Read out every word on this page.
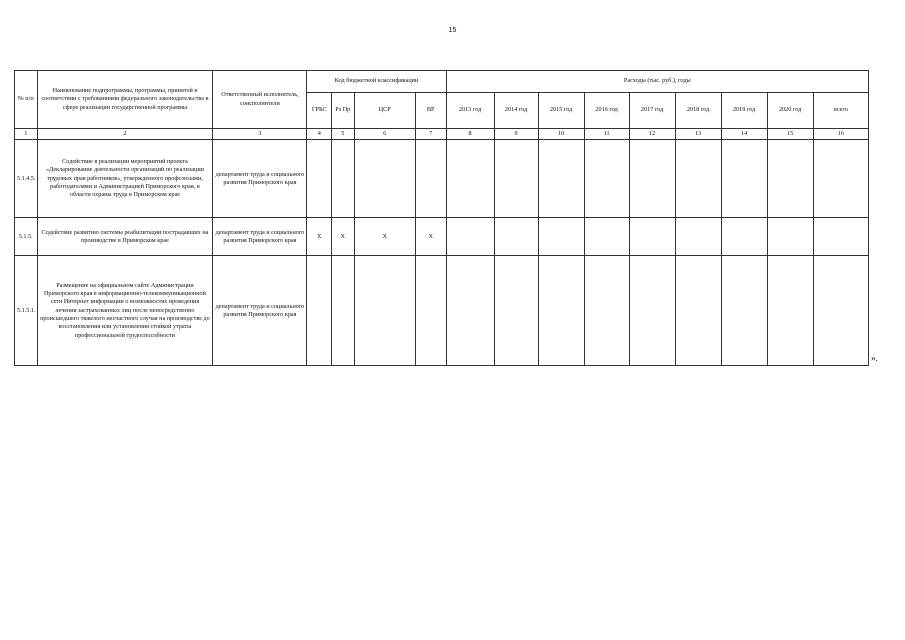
15
№ п/п	Наименование подпрограммы, программы, принятой в соответствии с требованиями федерального законодательства в сфере реализации государственной программы	Ответственный исполнитель, соисполнители	Код бюджетной классификации				Расходы (тыс. руб.), годы								
			ГРБС	Рз Пр	ЦСР	ВР	2013 год	2014 год	2015 год	2016 год	2017 год	2018 год	2019 год	2020 год	всего
1	2	3	4	5	6	7	8	9	10	11	12	13	14	15	16
5.1.4.5.	Содействие в реализации мероприятий проекта «Декларирование деятельности организаций по реализации трудовых прав работников», утвержденного профсоюзами, работодателями и Администрацией Приморского края, в области охраны труда в Приморском крае	департамент труда и социального развития Приморского края													
5.1.5.	Содействие развитию системы реабилитации пострадавших на производстве в Приморском крае	департамент труда и социального развития Приморского края	Х	Х	Х	Х									
5.1.5.1.	Размещение на официальном сайте Администрации Приморского края в информационно-телекоммуникационной сети Интернет информации о возможностях проведения лечения застрахованных лиц после непосредственно происшедшего тяжелого несчастного случая на производстве до восстановления или установления стойкой утраты профессиональной трудоспособности	департамент труда и социального развития Приморского края													
».
